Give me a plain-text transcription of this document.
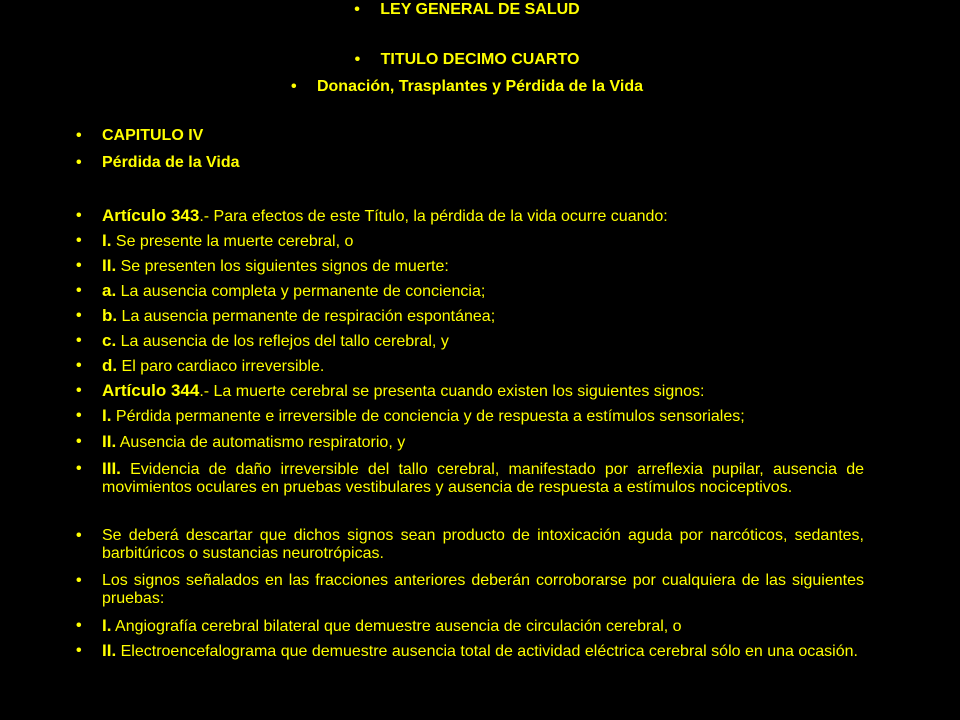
• LEY GENERAL DE SALUD
• TITULO DECIMO CUARTO
• Donación, Trasplantes y Pérdida de la Vida
• CAPITULO IV
• Pérdida de la Vida
• Artículo 343.- Para efectos de este Título, la pérdida de la vida ocurre cuando:
• I. Se presente la muerte cerebral, o
• II. Se presenten los siguientes signos de muerte:
• a. La ausencia completa y permanente de conciencia;
• b. La ausencia permanente de respiración espontánea;
• c. La ausencia de los reflejos del tallo cerebral, y
• d. El paro cardiaco irreversible.
• Artículo 344.- La muerte cerebral se presenta cuando existen los siguientes signos:
• I. Pérdida permanente e irreversible de conciencia y de respuesta a estímulos sensoriales;
• II. Ausencia de automatismo respiratorio, y
• III. Evidencia de daño irreversible del tallo cerebral, manifestado por arreflexia pupilar, ausencia de movimientos oculares en pruebas vestibulares y ausencia de respuesta a estímulos nociceptivos.
• Se deberá descartar que dichos signos sean producto de intoxicación aguda por narcóticos, sedantes, barbitúricos o sustancias neurotrópicas.
• Los signos señalados en las fracciones anteriores deberán corroborarse por cualquiera de las siguientes pruebas:
• I. Angiografía cerebral bilateral que demuestre ausencia de circulación cerebral, o
• II. Electroencefalograma que demuestre ausencia total de actividad eléctrica cerebral sólo en una ocasión.
